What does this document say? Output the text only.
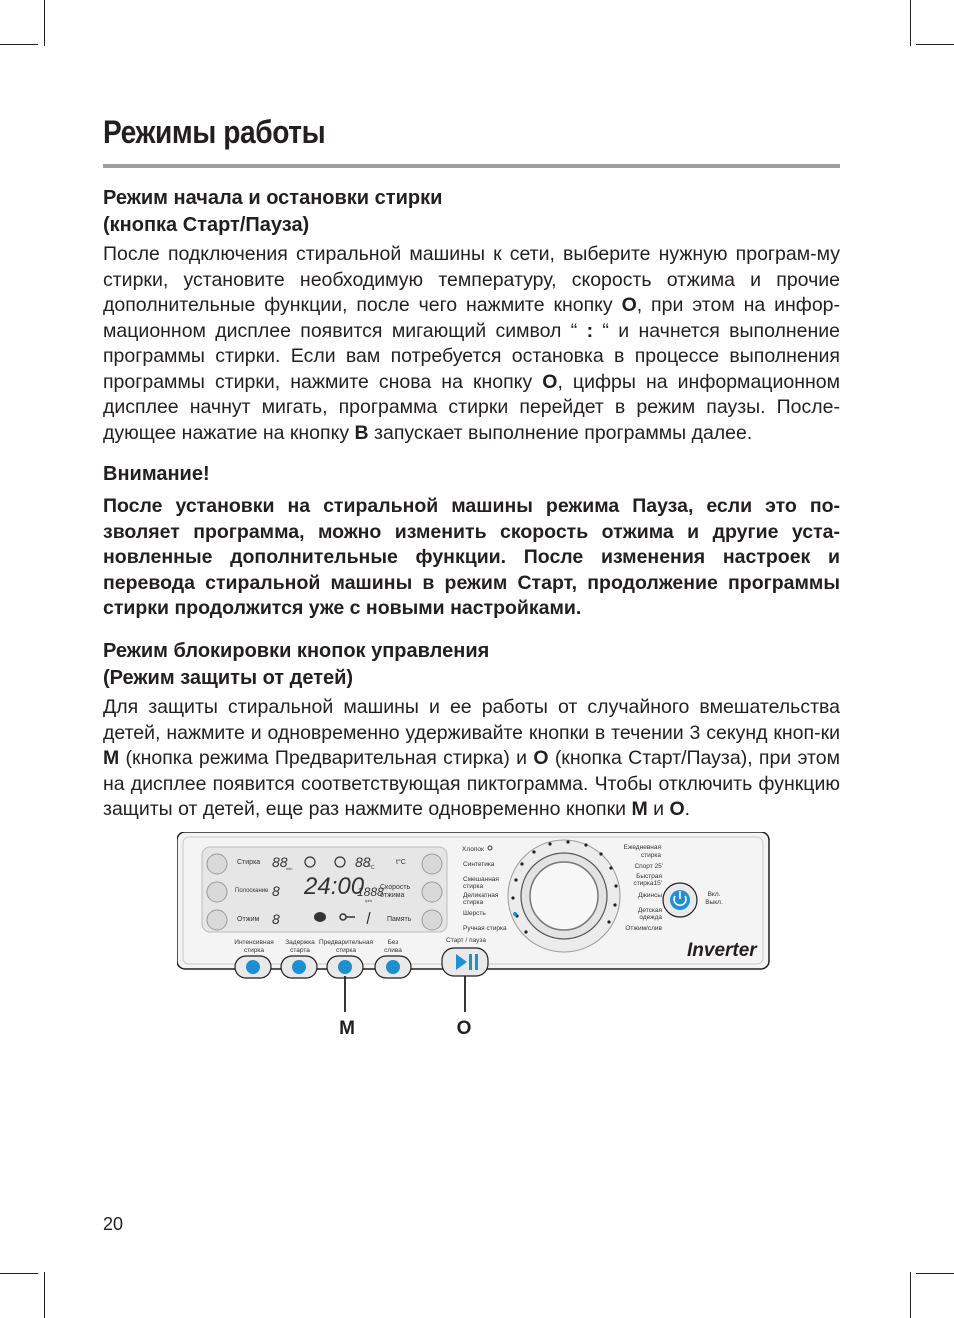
Режимы работы

Режим начала и остановки стирки
(кнопка Старт/Пауза)

После подключения стиральной машины к сети, выберите нужную програм-му стирки, установите необходимую температуру, скорость отжима и прочие дополнительные функции, после чего нажмите кнопку O, при этом на инфор-мационном дисплее появится мигающий символ “ : “ и начнется выполнение программы стирки. Если вам потребуется остановка в процессе выполнения программы стирки, нажмите снова на кнопку O, цифры на информационном дисплее начнут мигать, программа стирки перейдет в режим паузы. После-дующее нажатие на кнопку B запускает выполнение программы далее.

Внимание!

После установки на стиральной машины режима Пауза, если это по-зволяет программа, можно изменить скорость отжима и другие уста-новленные дополнительные функции. После изменения настроек и перевода стиральной машины в режим Старт, продолжение программы стирки продолжится уже с новыми настройками.

Режим блокировки кнопок управления
(Режим защиты от детей)

Для защиты стиральной машины и ее работы от случайного вмешательства детей, нажмите и одновременно удерживайте кнопки в течении 3 секунд кноп-ки M (кнопка режима Предварительная стирка) и O (кнопка Старт/Пауза), при этом на дисплее появится соответствующая пиктограмма. Чтобы отключить функцию защиты от детей, еще раз нажмите одновременно кнопки M и O.

Стирка
Полоскание
Отжим
t°C
Скорость
отжима
Память
88
min	88
°C
24:00
8	1888
rpm
8
Интенсивная
стирка
Задержка
старта
Предварительная
стирка
Без
слива
Старт / пауза
Хлопок
Синтетика
Смешанная
стирка
Деликатная
стирка
Шерсть
Ручная стирка
Ежедневная
стирка
Спорт 25'
Быстрая
стирка15'
Джинсы
Детская
одежда
Отжим/слив
Вкл.
Выкл.
Inverter
M	O
20
